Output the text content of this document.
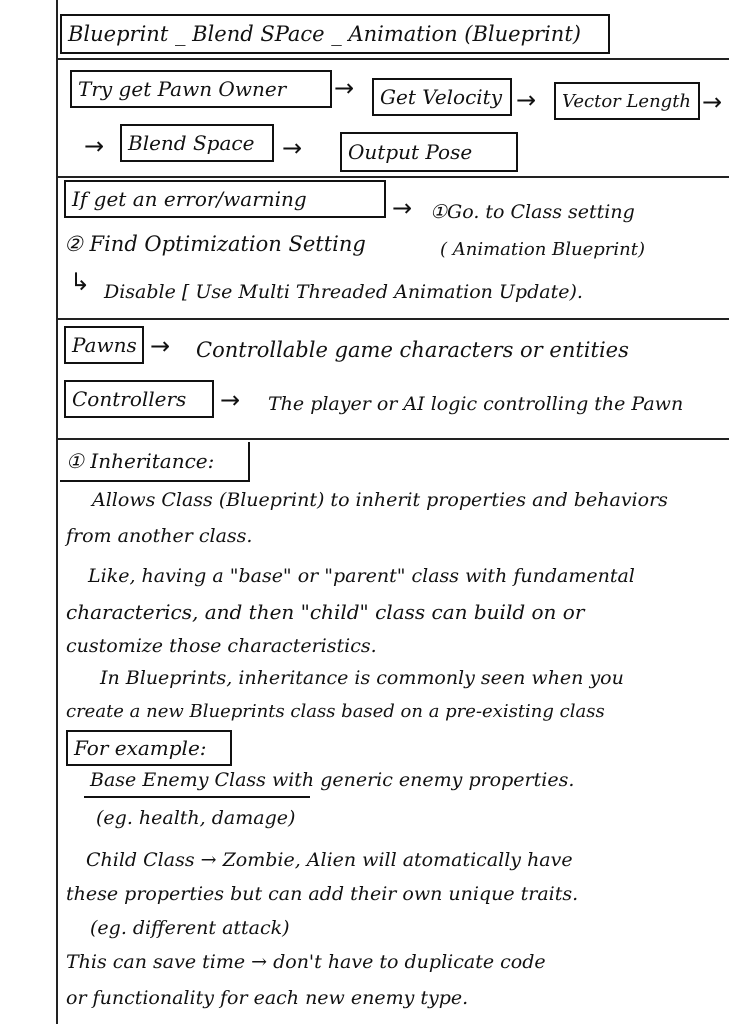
Blueprint _ Blend SPace _ Animation (Blueprint)
Try get Pawn Owner → Get Velocity → Vector Length →
→ Blend Space → Output Pose
If get an error/warning	→ ①Go. to Class setting
( Animation Blueprint)
② Find Optimization Setting
↳ Disable [ Use Multi Threaded Animation Update).
Pawns → Controllable game characters or entities
Controllers → The player or AI logic controlling the Pawn
① Inheritance:
Allows Class (Blueprint) to inherit properties and behaviors
from another class.
Like, having a "base" or "parent" class with fundamental
characterics, and then "child" class can build on or
customize those characteristics.
In Blueprints, inheritance is commonly seen when you
create a new Blueprints class based on a pre-existing class
For example:
Base Enemy Class with generic enemy properties.
(eg. health, damage)
Child Class → Zombie, Alien will atomatically have
these properties but can add their own unique traits.
(eg. different attack)
This can save time → don't have to duplicate code
or functionality for each new enemy type.
